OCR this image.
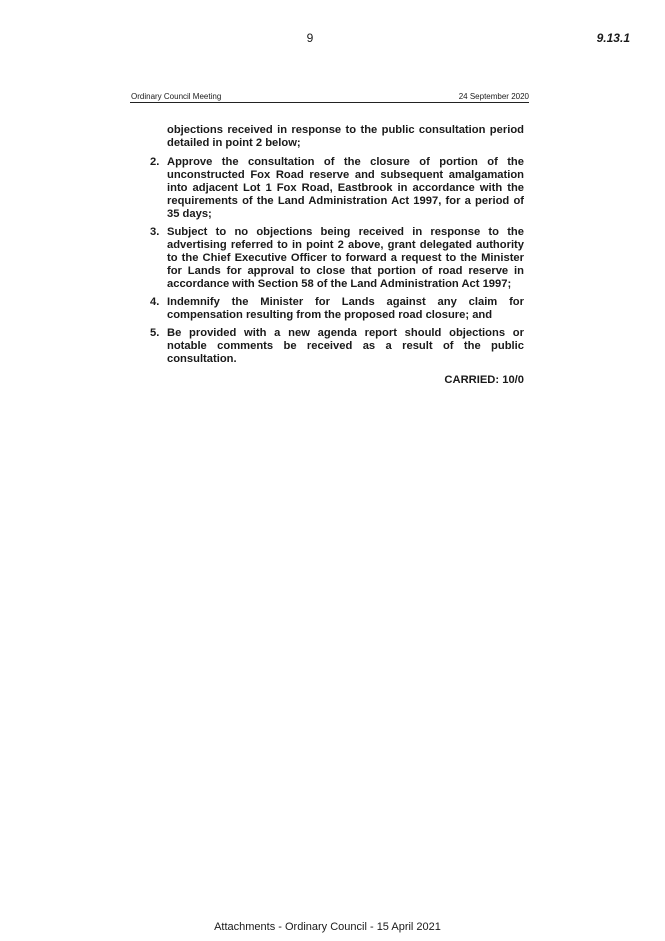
9	9.13.1
Ordinary Council Meeting	24 September 2020

objections received in response to the public consultation period detailed in point 2 below;

2. Approve the consultation of the closure of portion of the unconstructed Fox Road reserve and subsequent amalgamation into adjacent Lot 1 Fox Road, Eastbrook in accordance with the requirements of the Land Administration Act 1997, for a period of 35 days;
3. Subject to no objections being received in response to the advertising referred to in point 2 above, grant delegated authority to the Chief Executive Officer to forward a request to the Minister for Lands for approval to close that portion of road reserve in accordance with Section 58 of the Land Administration Act 1997;
4. Indemnify the Minister for Lands against any claim for compensation resulting from the proposed road closure; and
5. Be provided with a new agenda report should objections or notable comments be received as a result of the public consultation.
CARRIED: 10/0
Attachments - Ordinary Council - 15 April 2021
